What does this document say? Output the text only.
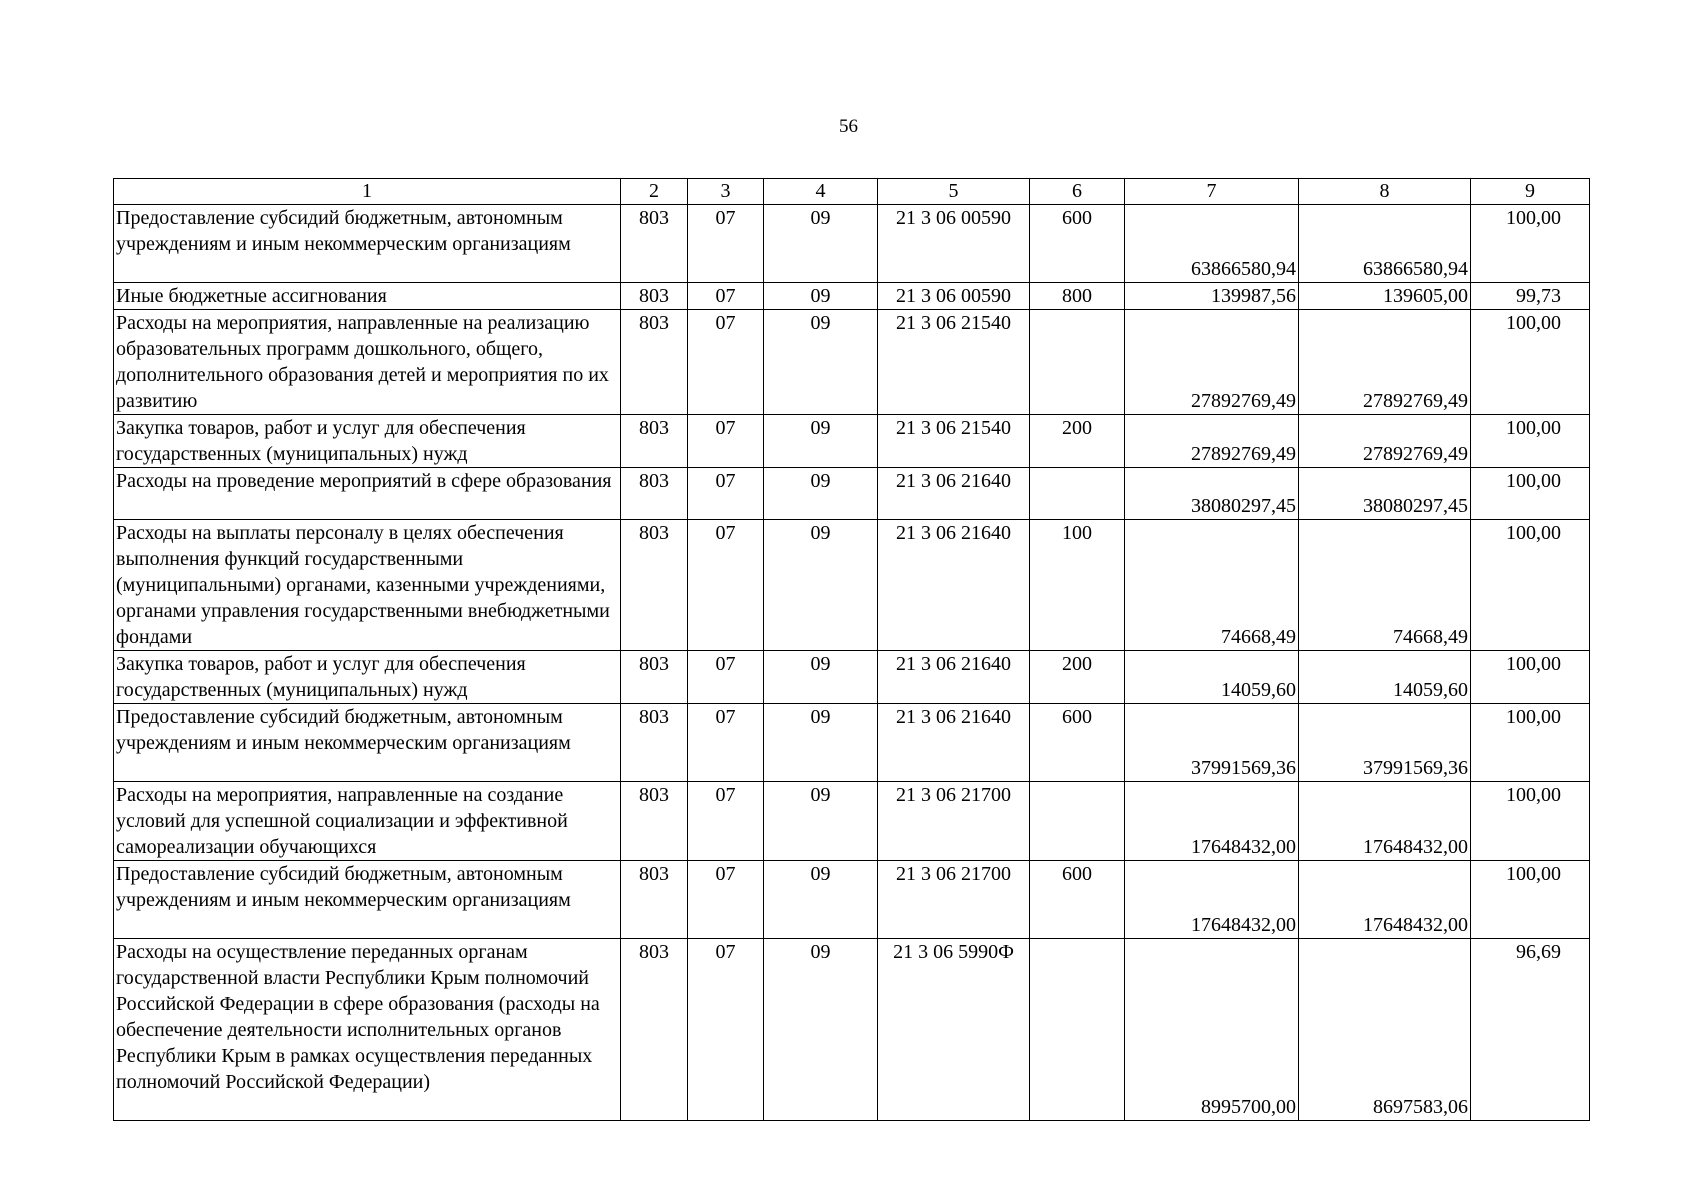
56
1	2	3	4	5	6	7	8	9
Предоставление субсидий бюджетным, автономным учреждениям и иным некоммерческим организациям	803	07	09	21 3 06 00590	600	63866580,94	63866580,94	100,00
Иные бюджетные ассигнования	803	07	09	21 3 06 00590	800	139987,56	139605,00	99,73
Расходы на мероприятия, направленные на реализацию образовательных программ дошкольного, общего, дополнительного образования детей и мероприятия по их развитию	803	07	09	21 3 06 21540		27892769,49	27892769,49	100,00
Закупка товаров, работ и услуг для обеспечения государственных (муниципальных) нужд	803	07	09	21 3 06 21540	200	27892769,49	27892769,49	100,00
Расходы на проведение мероприятий в сфере образования	803	07	09	21 3 06 21640		38080297,45	38080297,45	100,00
Расходы на выплаты персоналу в целях обеспечения выполнения функций государственными (муниципальными) органами, казенными учреждениями, органами управления государственными внебюджетными фондами	803	07	09	21 3 06 21640	100	74668,49	74668,49	100,00
Закупка товаров, работ и услуг для обеспечения государственных (муниципальных) нужд	803	07	09	21 3 06 21640	200	14059,60	14059,60	100,00
Предоставление субсидий бюджетным, автономным учреждениям и иным некоммерческим организациям	803	07	09	21 3 06 21640	600	37991569,36	37991569,36	100,00
Расходы на мероприятия, направленные на создание условий для успешной социализации и эффективной самореализации обучающихся	803	07	09	21 3 06 21700		17648432,00	17648432,00	100,00
Предоставление субсидий бюджетным, автономным учреждениям и иным некоммерческим организациям	803	07	09	21 3 06 21700	600	17648432,00	17648432,00	100,00
Расходы на осуществление переданных органам государственной власти Республики Крым полномочий Российской Федерации в сфере образования (расходы на обеспечение деятельности исполнительных органов Республики Крым в рамках осуществления переданных полномочий Российской Федерации)	803	07	09	21 3 06 5990Ф		8995700,00	8697583,06	96,69
